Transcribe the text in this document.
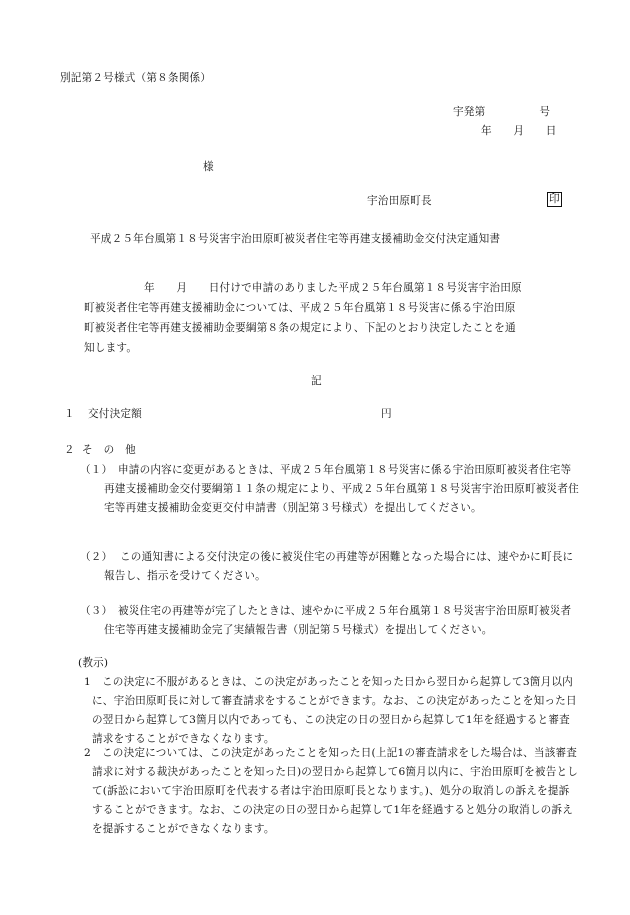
別記第２号様式（第８条関係）
宇発第　　　　　号
年　　月　　日
様
宇治田原町長	印
平成２５年台風第１８号災害宇治田原町被災者住宅等再建支援補助金交付決定通知書
年　　月　　日付けで申請のありました平成２５年台風第１８号災害宇治田原
町被災者住宅等再建支援補助金については、平成２５年台風第１８号災害に係る宇治田原
町被災者住宅等再建支援補助金要綱第８条の規定により、下記のとおり決定したことを通
知します。
記
１ 交付決定額	円
２ そ　の　他
（１） 申請の内容に変更があるときは、平成２５年台風第１８号災害に係る宇治田原町被災者住宅等再建支援補助金交付要綱第１１条の規定により、平成２５年台風第１８号災害宇治田原町被災者住宅等再建支援補助金変更交付申請書（別記第３号様式）を提出してください。
（２） この通知書による交付決定の後に被災住宅の再建等が困難となった場合には、速やかに町長に報告し、指示を受けてください。
（３） 被災住宅の再建等が完了したときは、速やかに平成２５年台風第１８号災害宇治田原町被災者住宅等再建支援補助金完了実績報告書（別記第５号様式）を提出してください。
(教示)
1	この決定に不服があるときは、この決定があったことを知った日から翌日から起算して3箇月以内に、宇治田原町長に対して審査請求をすることができます。なお、この決定があったことを知った日の翌日から起算して3箇月以内であっても、この決定の日の翌日から起算して1年を経過すると審査請求をすることができなくなります。
2	この決定については、この決定があったことを知った日(上記1の審査請求をした場合は、当該審査請求に対する裁決があったことを知った日)の翌日から起算して6箇月以内に、宇治田原町を被告として(訴訟において宇治田原町を代表する者は宇治田原町長となります。)、処分の取消しの訴えを提訴することができます。なお、この決定の日の翌日から起算して1年を経過すると処分の取消しの訴えを提訴することができなくなります。
